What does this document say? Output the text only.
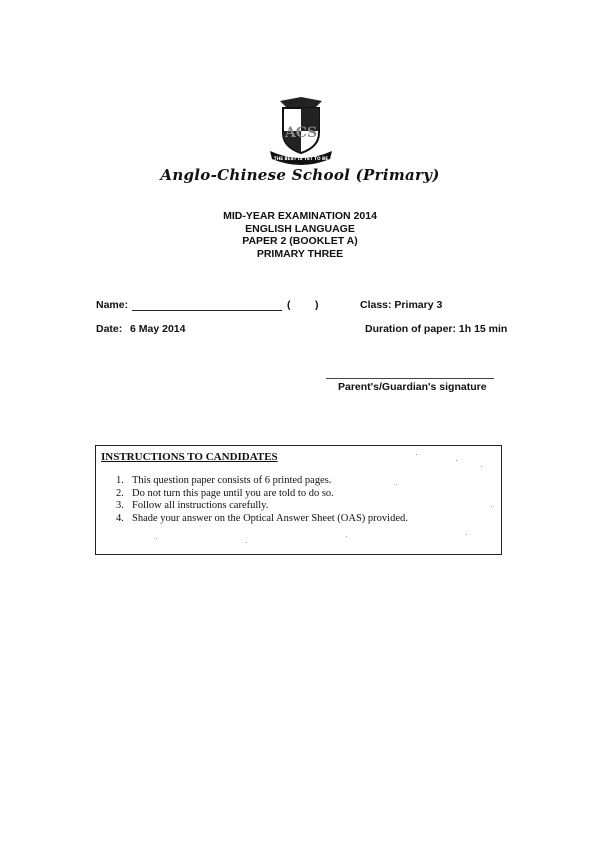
ACS
THE BEST IS YET TO BE
Anglo-Chinese School (Primary)
MID-YEAR EXAMINATION 2014
ENGLISH LANGUAGE
PAPER 2 (BOOKLET A)
PRIMARY THREE
Name:	( )	Class: Primary 3
Date: 6 May 2014	Duration of paper: 1h 15 min
Parent's/Guardian's signature
INSTRUCTIONS TO CANDIDATES
1. This question paper consists of 6 printed pages.
2. Do not turn this page until you are told to do so.
3. Follow all instructions carefully.
4. Shade your answer on the Optical Answer Sheet (OAS) provided.
